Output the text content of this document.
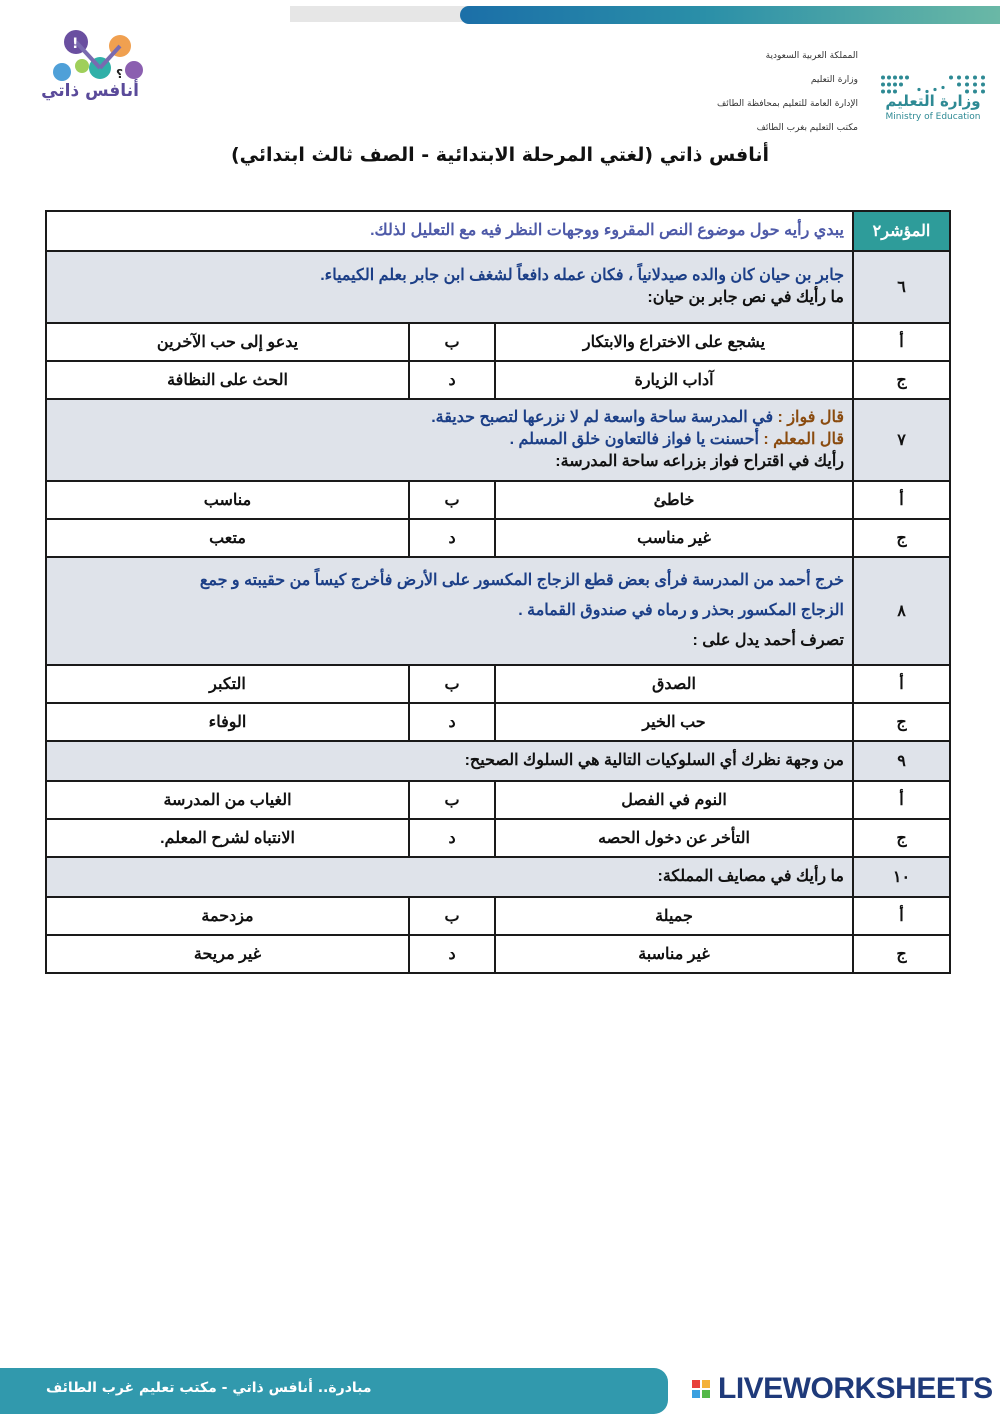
!
؟
أنافس ذاتي
المملكة العربية السعودية
وزارة التعليم
الإدارة العامة للتعليم بمحافظة الطائف
مكتب التعليم بغرب الطائف
وزارة التعليم
Ministry of Education
أنافس ذاتي (لغتي المرحلة الابتدائية - الصف ثالث ابتدائي)
المؤشر٢	يبدي رأيه حول موضوع النص المقروء ووجهات النظر فيه مع التعليل لذلك.		
٦	جابر بن حيان كان والده صيدلانياً ، فكان عمله دافعاً لشغف ابن جابر بعلم الكيمياء.
ما رأيك في نص جابر بن حيان:		

أ	يشجع على الاختراع والابتكار	ب	يدعو إلى حب الآخرين
ج	آداب الزيارة	د	الحث على النظافة
٧	قال فواز : في المدرسة ساحة واسعة لم لا نزرعها لتصبح حديقة.
قال المعلم : أحسنت يا فواز فالتعاون خلق المسلم .
رأيك في اقتراح فواز بزراعه ساحة المدرسة:		

أ	خاطئ	ب	مناسب
ج	غير مناسب	د	متعب
٨	خرج أحمد من المدرسة فرأى بعض قطع الزجاج المكسور على الأرض فأخرج كيساً من حقيبته و جمع
الزجاج المكسور بحذر و رماه في صندوق القمامة .
تصرف أحمد يدل على :		

أ	الصدق	ب	التكبر
ج	حب الخير	د	الوفاء
٩	من وجهة نظرك أي السلوكيات التالية هي السلوك الصحيح:		
أ	النوم في الفصل	ب	الغياب من المدرسة
ج	التأخر عن دخول الحصه	د	الانتباه لشرح المعلم.
١٠	ما رأيك في مصايف المملكة:		
أ	جميلة	ب	مزدحمة
ج	غير مناسبة	د	غير مريحة
مبادرة.. أنافس ذاتي - مكتب تعليم غرب الطائف	LIVEWORKSHEETS
